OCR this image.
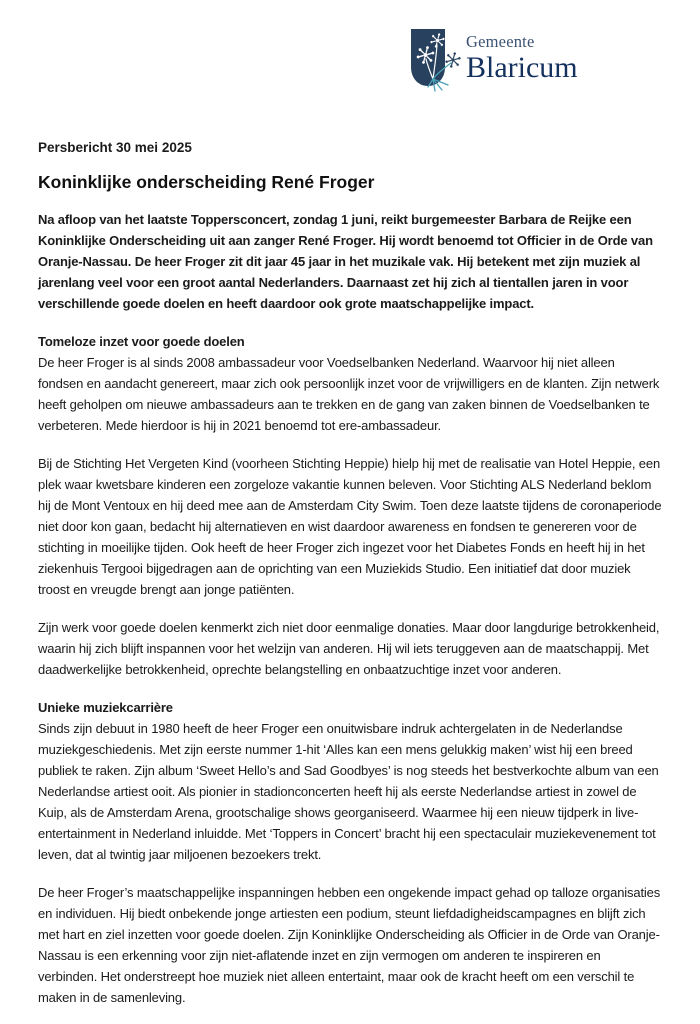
Gemeente
Blaricum
Persbericht 30 mei 2025
Koninklijke onderscheiding René Froger

Na afloop van het laatste Toppersconcert, zondag 1 juni, reikt burgemeester Barbara de Reijke een Koninklijke Onderscheiding uit aan zanger René Froger. Hij wordt benoemd tot Officier in de Orde van Oranje-Nassau. De heer Froger zit dit jaar 45 jaar in het muzikale vak. Hij betekent met zijn muziek al jarenlang veel voor een groot aantal Nederlanders. Daarnaast zet hij zich al tientallen jaren in voor verschillende goede doelen en heeft daardoor ook grote maatschappelijke impact.

Tomeloze inzet voor goede doelen

De heer Froger is al sinds 2008 ambassadeur voor Voedselbanken Nederland. Waarvoor hij niet alleen fondsen en aandacht genereert, maar zich ook persoonlijk inzet voor de vrijwilligers en de klanten. Zijn netwerk heeft geholpen om nieuwe ambassadeurs aan te trekken en de gang van zaken binnen de Voedselbanken te verbeteren. Mede hierdoor is hij in 2021 benoemd tot ere-ambassadeur.

Bij de Stichting Het Vergeten Kind (voorheen Stichting Heppie) hielp hij met de realisatie van Hotel Heppie, een plek waar kwetsbare kinderen een zorgeloze vakantie kunnen beleven. Voor Stichting ALS Nederland beklom hij de Mont Ventoux en hij deed mee aan de Amsterdam City Swim. Toen deze laatste tijdens de coronaperiode niet door kon gaan, bedacht hij alternatieven en wist daardoor awareness en fondsen te genereren voor de stichting in moeilijke tijden. Ook heeft de heer Froger zich ingezet voor het Diabetes Fonds en heeft hij in het ziekenhuis Tergooi bijgedragen aan de oprichting van een Muziekids Studio. Een initiatief dat door muziek troost en vreugde brengt aan jonge patiënten.

Zijn werk voor goede doelen kenmerkt zich niet door eenmalige donaties. Maar door langdurige betrokkenheid, waarin hij zich blijft inspannen voor het welzijn van anderen. Hij wil iets teruggeven aan de maatschappij. Met daadwerkelijke betrokkenheid, oprechte belangstelling en onbaatzuchtige inzet voor anderen.

Unieke muziekcarrière

Sinds zijn debuut in 1980 heeft de heer Froger een onuitwisbare indruk achtergelaten in de Nederlandse muziekgeschiedenis. Met zijn eerste nummer 1-hit ‘Alles kan een mens gelukkig maken’ wist hij een breed publiek te raken. Zijn album ‘Sweet Hello’s and Sad Goodbyes’ is nog steeds het bestverkochte album van een Nederlandse artiest ooit. Als pionier in stadionconcerten heeft hij als eerste Nederlandse artiest in zowel de Kuip, als de Amsterdam Arena, grootschalige shows georganiseerd. Waarmee hij een nieuw tijdperk in live-entertainment in Nederland inluidde. Met ‘Toppers in Concert’ bracht hij een spectaculair muziekevenement tot leven, dat al twintig jaar miljoenen bezoekers trekt.

De heer Froger’s maatschappelijke inspanningen hebben een ongekende impact gehad op talloze organisaties en individuen. Hij biedt onbekende jonge artiesten een podium, steunt liefdadigheidscampagnes en blijft zich met hart en ziel inzetten voor goede doelen. Zijn Koninklijke Onderscheiding als Officier in de Orde van Oranje-Nassau is een erkenning voor zijn niet-aflatende inzet en zijn vermogen om anderen te inspireren en verbinden. Het onderstreept hoe muziek niet alleen entertaint, maar ook de kracht heeft om een verschil te maken in de samenleving.
